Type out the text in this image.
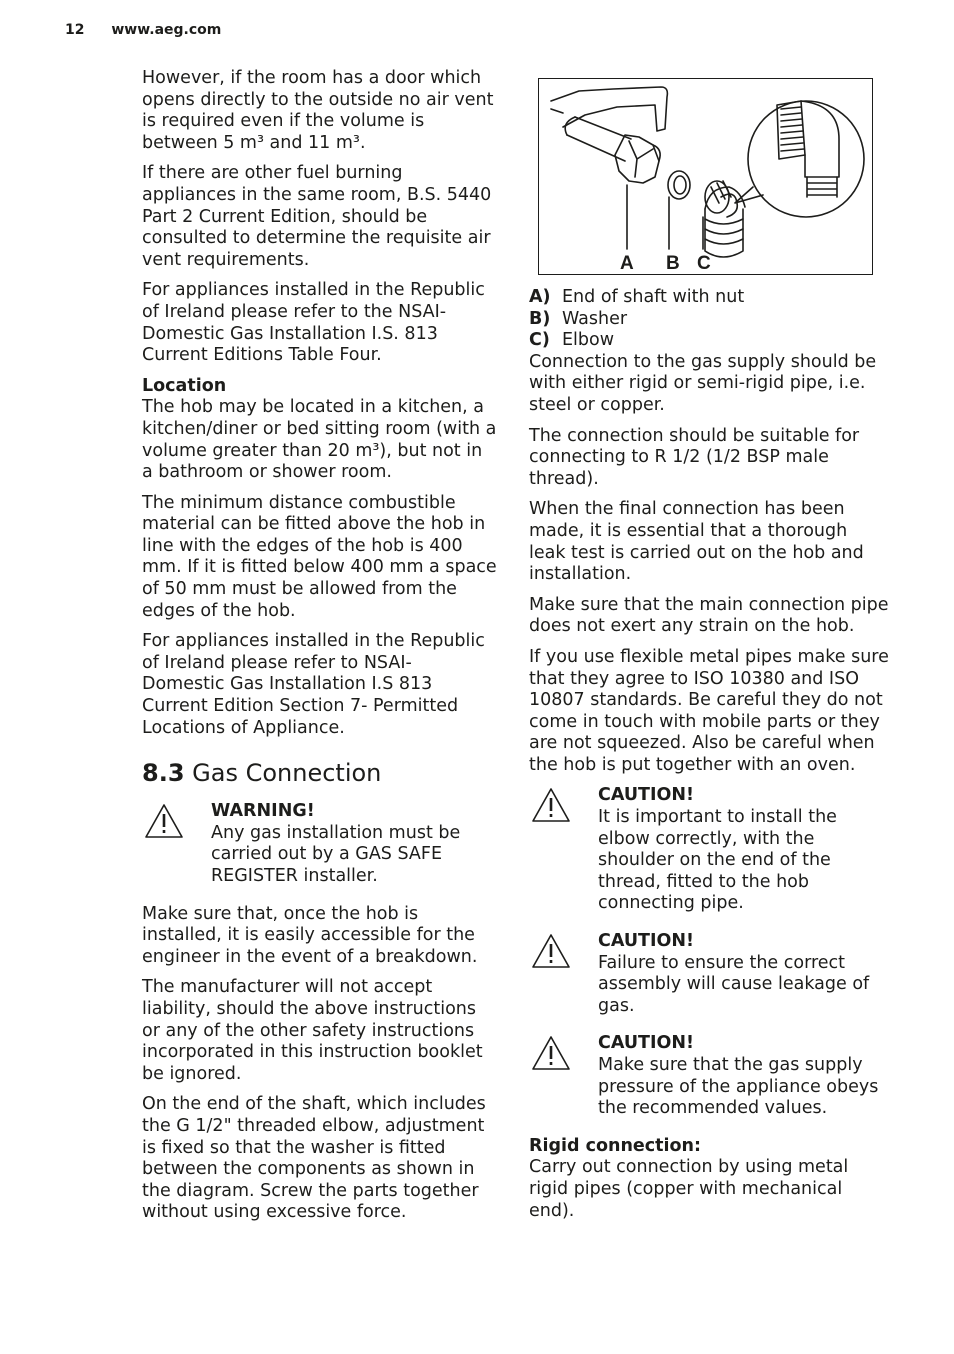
12 www.aeg.com

However, if the room has a door which opens directly to the outside no air vent is required even if the volume is between 5 m³ and 11 m³.

If there are other fuel burning appliances in the same room, B.S. 5440 Part 2 Current Edition, should be consulted to determine the requisite air vent requirements.

For appliances installed in the Republic of Ireland please refer to the NSAI- Domestic Gas Installation I.S. 813 Current Editions Table Four.

Location
The hob may be located in a kitchen, a kitchen/diner or bed sitting room (with a volume greater than 20 m³), but not in a bathroom or shower room.

The minimum distance combustible material can be fitted above the hob in line with the edges of the hob is 400 mm. If it is fitted below 400 mm a space of 50 mm must be allowed from the edges of the hob.

For appliances installed in the Republic of Ireland please refer to NSAI- Domestic Gas Installation I.S 813 Current Edition Section 7- Permitted Locations of Appliance.

8.3 Gas Connection
WARNING!
Any gas installation must be carried out by a GAS SAFE REGISTER installer.

Make sure that, once the hob is installed, it is easily accessible for the engineer in the event of a breakdown.

The manufacturer will not accept liability, should the above instructions or any of the other safety instructions incorporated in this instruction booklet be ignored.

On the end of the shaft, which includes the G 1/2" threaded elbow, adjustment is fixed so that the washer is fitted between the components as shown in the diagram. Screw the parts together without using excessive force.

A B C
A) End of shaft with nut
B) Washer
C) Elbow

Connection to the gas supply should be with either rigid or semi-rigid pipe, i.e. steel or copper.

The connection should be suitable for connecting to R 1/2 (1/2 BSP male thread).

When the final connection has been made, it is essential that a thorough leak test is carried out on the hob and installation.

Make sure that the main connection pipe does not exert any strain on the hob.

If you use flexible metal pipes make sure that they agree to ISO 10380 and ISO 10807 standards. Be careful they do not come in touch with mobile parts or they are not squeezed. Also be careful when the hob is put together with an oven.

CAUTION!
It is important to install the elbow correctly, with the shoulder on the end of the thread, fitted to the hob connecting pipe.
CAUTION!
Failure to ensure the correct assembly will cause leakage of gas.
CAUTION!
Make sure that the gas supply pressure of the appliance obeys the recommended values.

Rigid connection:
Carry out connection by using metal rigid pipes (copper with mechanical end).
